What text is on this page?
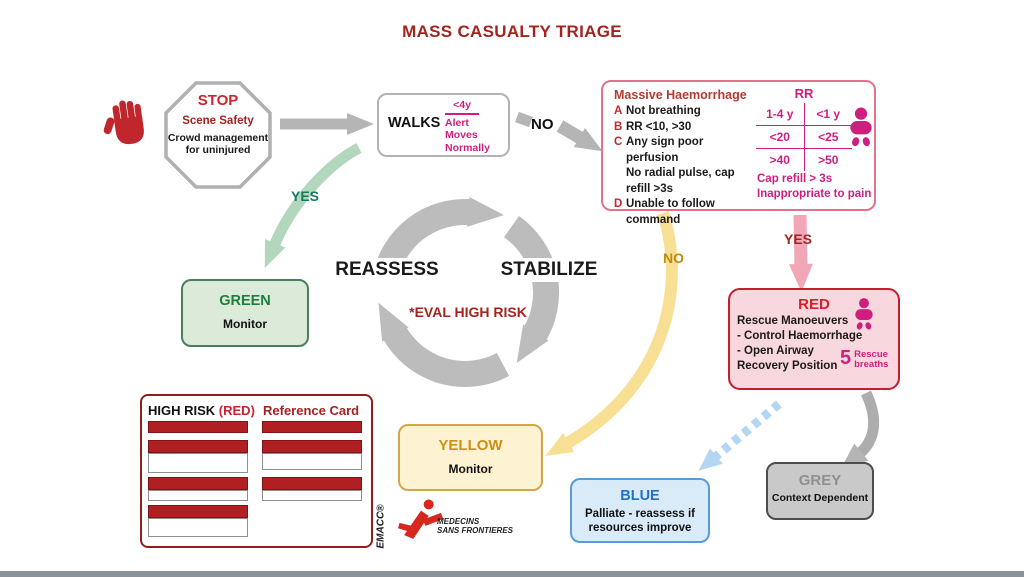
MASS CASUALTY TRIAGE
STOP
Scene Safety
Crowd management
for uninjured
WALKS
<4y
Alert
Moves
Normally
NO
YES
YES
NO
Massive Haemorrhage
A Not breathing
B RR <10, >30
C Any sign poor perfusion
No radial pulse, cap refill >3s
D Unable to follow command
RR
1-4 y	<1 y
<20	<25
>40	>50
Cap refill > 3s
Inappropriate to pain
REASSESS	STABILIZE
*EVAL HIGH RISK
GREEN
Monitor
RED
Rescue Manoeuvers
- Control Haemorrhage
- Open Airway
Recovery Position 5 Rescue
breaths
YELLOW
Monitor
BLUE
Palliate - reassess if
resources improve
GREY
Context Dependent
HIGH RISK (RED) Reference Card
EMACC®	MEDECINS
SANS FRONTIERES
